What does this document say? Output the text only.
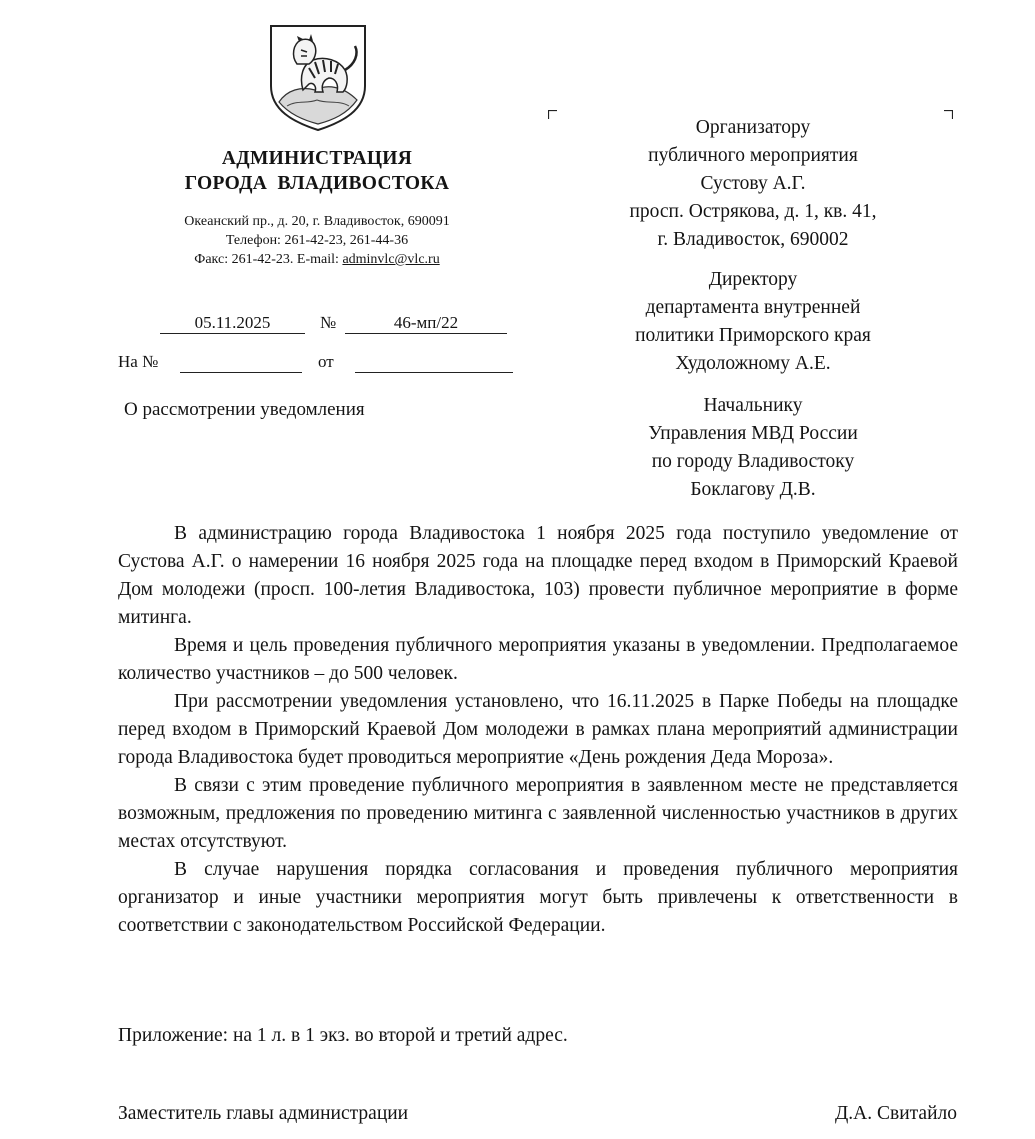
АДМИНИСТРАЦИЯ
ГОРОДА  ВЛАДИВОСТОКА
Океанский пр., д. 20, г. Владивосток, 690091
Телефон: 261-42-23, 261-44-36
Факс: 261-42-23. E-mail: adminvlc@vlc.ru
05.11.2025	№	46-мп/22
На №	от
О рассмотрении уведомления
Организатору
публичного мероприятия
Сустову А.Г.
просп. Острякова, д. 1, кв. 41,
г. Владивосток, 690002
Директору
департамента внутренней
политики Приморского края
Худоложному А.Е.
Начальнику
Управления МВД России
по городу Владивостоку
Боклагову Д.В.

В администрацию города Владивостока 1 ноября 2025 года поступило уведомление от Сустова А.Г. о намерении 16 ноября 2025 года на площадке перед входом в Приморский Краевой Дом молодежи (просп. 100-летия Владивостока, 103) провести публичное мероприятие в форме митинга.

Время и цель проведения публичного мероприятия указаны в уведомлении. Предполагаемое количество участников – до 500 человек.

При рассмотрении уведомления установлено, что 16.11.2025 в Парке Победы на площадке перед входом в Приморский Краевой Дом молодежи в рамках плана мероприятий администрации города Владивостока будет проводиться мероприятие «День рождения Деда Мороза».

В связи с этим проведение публичного мероприятия в заявленном месте не представляется возможным, предложения по проведению митинга с заявленной численностью участников в других местах отсутствуют.

В случае нарушения порядка согласования и проведения публичного мероприятия организатор и иные участники мероприятия могут быть привлечены к ответственности в соответствии с законодательством Российской Федерации.

Приложение: на 1 л. в 1 экз. во второй и третий адрес.
Заместитель главы администрации	Д.А. Свитайло
